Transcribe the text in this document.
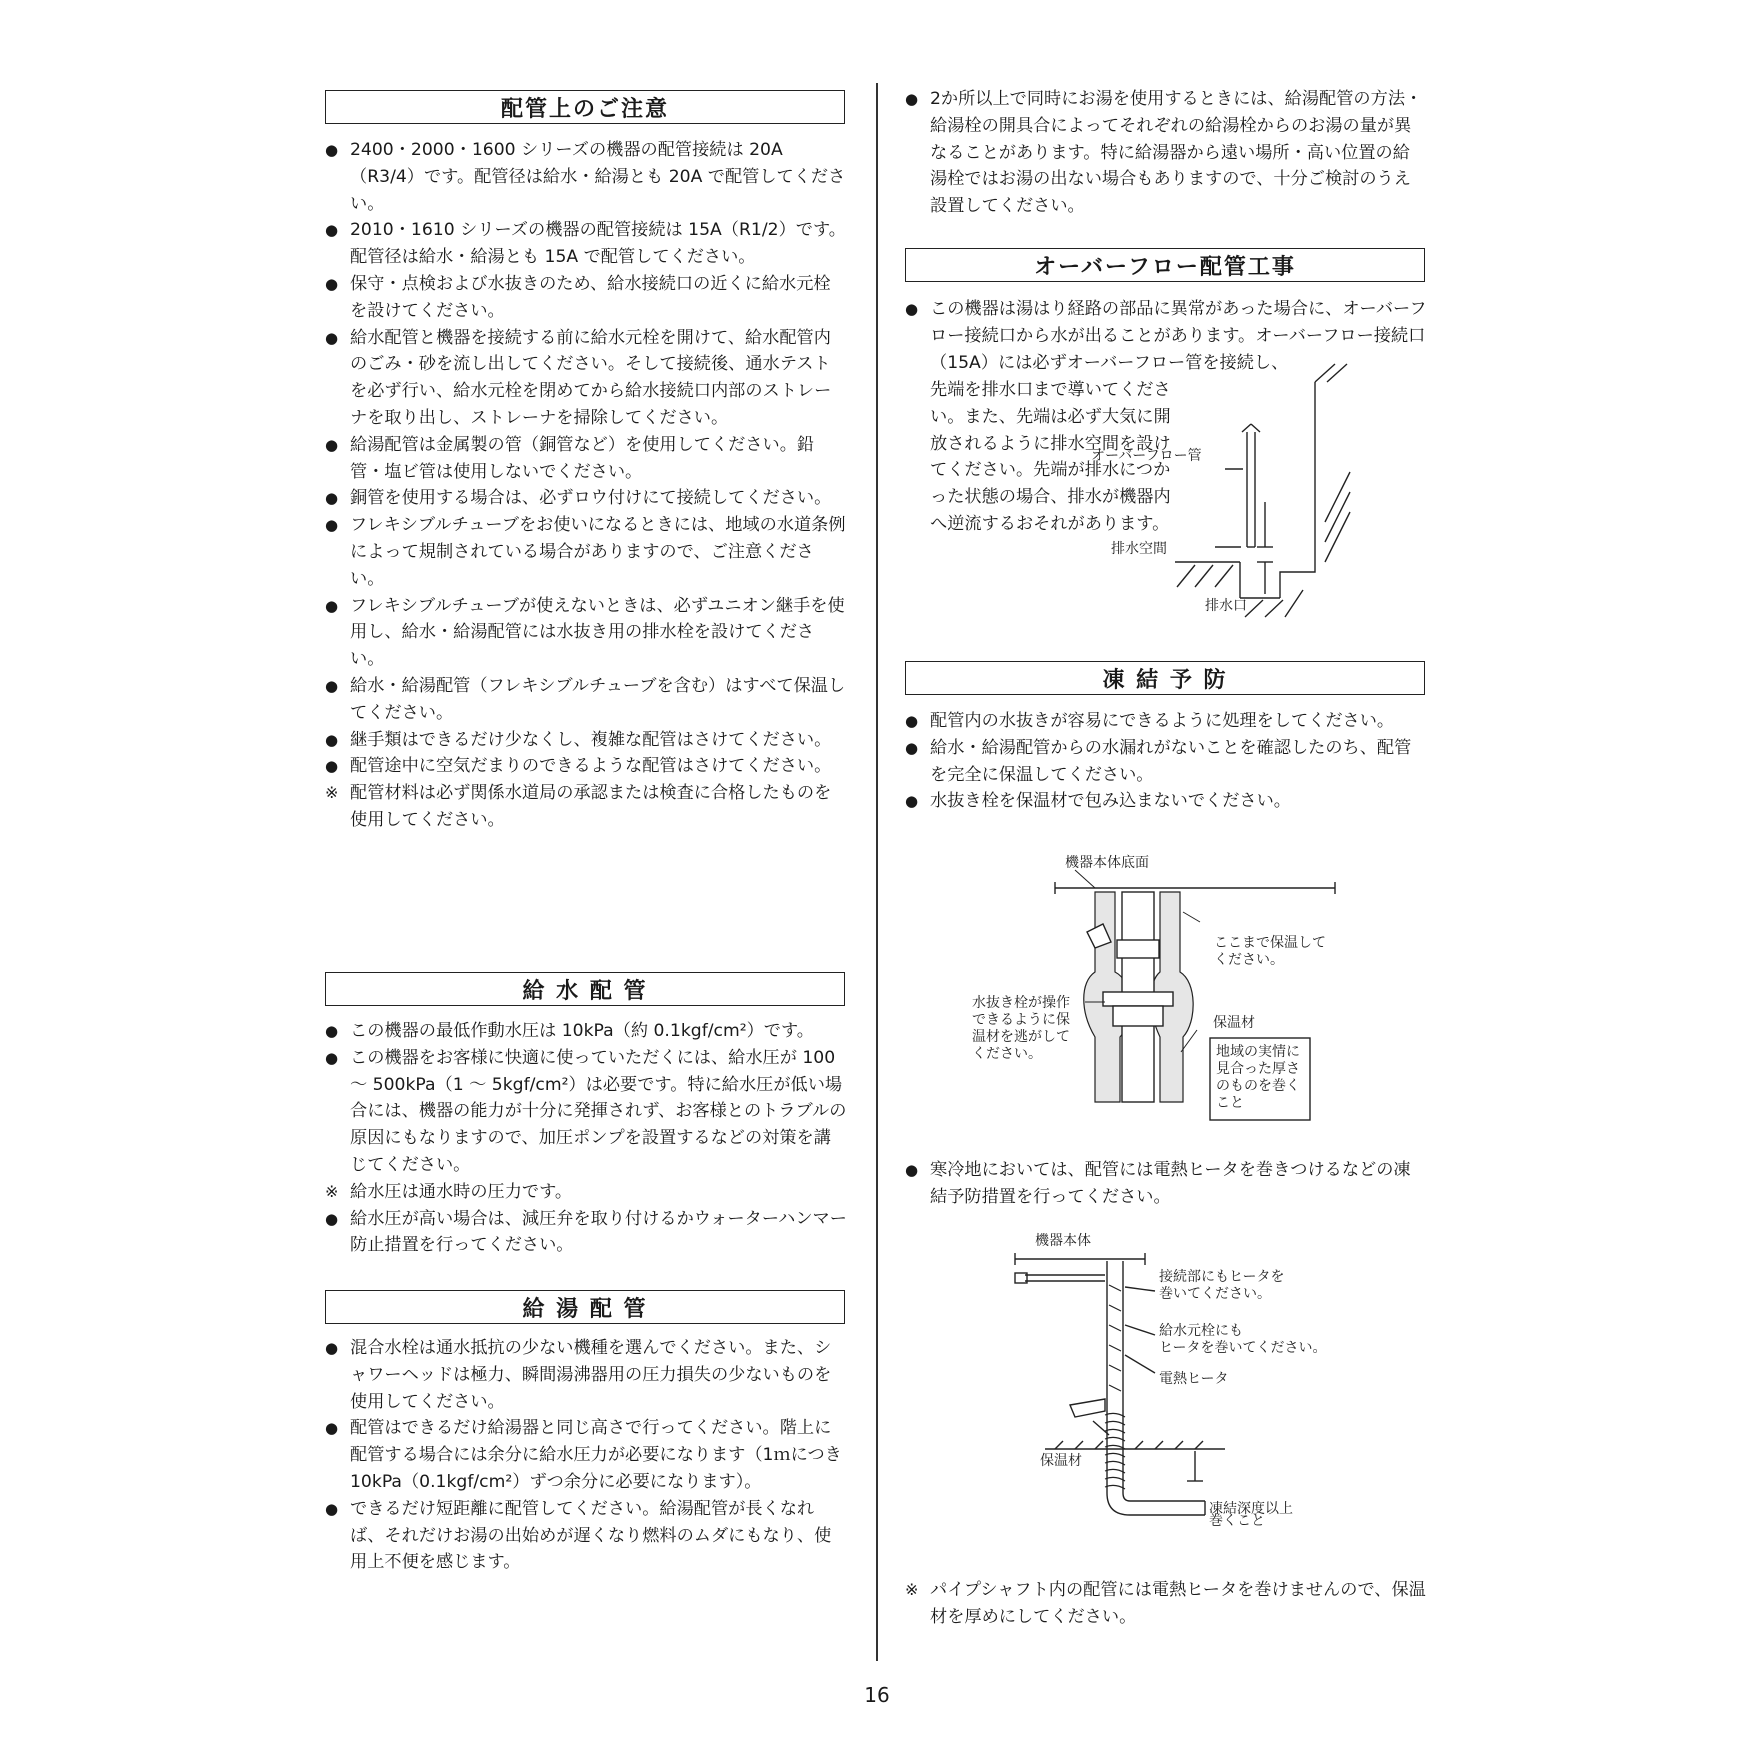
配管上のご注意
● 2400・2000・1600 シリーズの機器の配管接続は 20A（R3/4）です。配管径は給水・給湯とも 20A で配管してください。
● 2010・1610 シリーズの機器の配管接続は 15A（R1/2）です。配管径は給水・給湯とも 15A で配管してください。
● 保守・点検および水抜きのため、給水接続口の近くに給水元栓を設けてください。
● 給水配管と機器を接続する前に給水元栓を開けて、給水配管内のごみ・砂を流し出してください。そして接続後、通水テストを必ず行い、給水元栓を閉めてから給水接続口内部のストレーナを取り出し、ストレーナを掃除してください。
● 給湯配管は金属製の管（銅管など）を使用してください。鉛管・塩ビ管は使用しないでください。
● 銅管を使用する場合は、必ずロウ付けにて接続してください。
● フレキシブルチューブをお使いになるときには、地域の水道条例によって規制されている場合がありますので、ご注意ください。
● フレキシブルチューブが使えないときは、必ずユニオン継手を使用し、給水・給湯配管には水抜き用の排水栓を設けてください。
● 給水・給湯配管（フレキシブルチューブを含む）はすべて保温してください。
● 継手類はできるだけ少なくし、複雑な配管はさけてください。
● 配管途中に空気だまりのできるような配管はさけてください。
※ 配管材料は必ず関係水道局の承認または検査に合格したものを使用してください。
給 水 配 管
● この機器の最低作動水圧は 10kPa（約 0.1kgf/cm²）です。
● この機器をお客様に快適に使っていただくには、給水圧が 100 ～ 500kPa（1 ～ 5kgf/cm²）は必要です。特に給水圧が低い場合には、機器の能力が十分に発揮されず、お客様とのトラブルの原因にもなりますので、加圧ポンプを設置するなどの対策を講じてください。
※ 給水圧は通水時の圧力です。
● 給水圧が高い場合は、減圧弁を取り付けるかウォーターハンマー防止措置を行ってください。
給 湯 配 管
● 混合水栓は通水抵抗の少ない機種を選んでください。また、シャワーヘッドは極力、瞬間湯沸器用の圧力損失の少ないものを使用してください。
● 配管はできるだけ給湯器と同じ高さで行ってください。階上に配管する場合には余分に給水圧力が必要になります（1ｍにつき 10kPa（0.1kgf/cm²）ずつ余分に必要になります）。
● できるだけ短距離に配管してください。給湯配管が長くなれば、それだけお湯の出始めが遅くなり燃料のムダにもなり、使用上不便を感じます。
● 2か所以上で同時にお湯を使用するときには、給湯配管の方法・給湯栓の開具合によってそれぞれの給湯栓からのお湯の量が異なることがあります。特に給湯器から遠い場所・高い位置の給湯栓ではお湯の出ない場合もありますので、十分ご検討のうえ設置してください。
オーバーフロー配管工事
● この機器は湯はり経路の部品に異常があった場合に、オーバーフロー接続口から水が出ることがあります。オーバーフロー接続口（15A）には必ずオーバーフロー管を接続し、
先端を排水口まで導いてください。また、先端は必ず大気に開放されるように排水空間を設けてください。先端が排水につかった状態の場合、排水が機器内へ逆流するおそれがあります。
オーバーフロー管
排水空間
排水口
凍 結 予 防
● 配管内の水抜きが容易にできるように処理をしてください。
● 給水・給湯配管からの水漏れがないことを確認したのち、配管を完全に保温してください。
● 水抜き栓を保温材で包み込まないでください。
機器本体底面
ここまで保温して
ください。
水抜き栓が操作
できるように保
温材を逃がして
ください。
保温材
地域の実情に
見合った厚さ
のものを巻く
こと
● 寒冷地においては、配管には電熱ヒータを巻きつけるなどの凍結予防措置を行ってください。
機器本体
接続部にもヒータを
巻いてください。
給水元栓にも
ヒータを巻いてください。
電熱ヒータ
保温材
凍結深度以上
巻くこと
※ パイプシャフト内の配管には電熱ヒータを巻けませんので、保温材を厚めにしてください。
16
